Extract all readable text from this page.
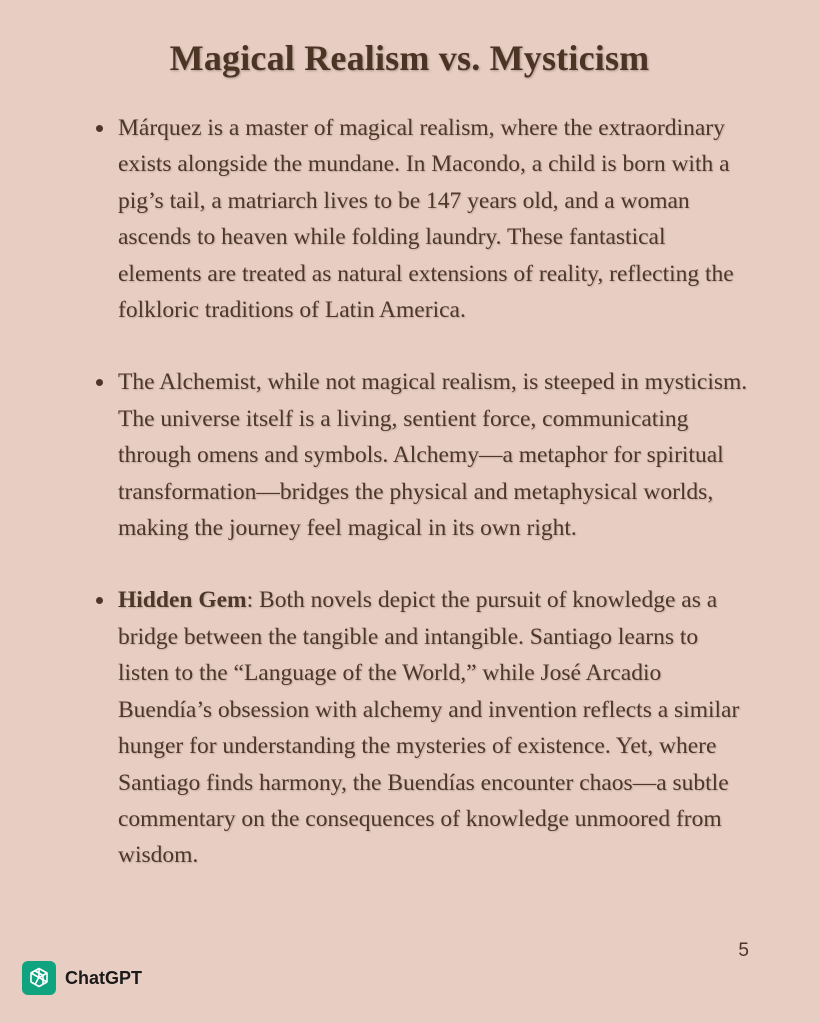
Magical Realism vs. Mysticism
Márquez is a master of magical realism, where the extraordinary exists alongside the mundane. In Macondo, a child is born with a pig’s tail, a matriarch lives to be 147 years old, and a woman ascends to heaven while folding laundry. These fantastical elements are treated as natural extensions of reality, reflecting the folkloric traditions of Latin America.
The Alchemist, while not magical realism, is steeped in mysticism. The universe itself is a living, sentient force, communicating through omens and symbols. Alchemy—a metaphor for spiritual transformation—bridges the physical and metaphysical worlds, making the journey feel magical in its own right.
Hidden Gem: Both novels depict the pursuit of knowledge as a bridge between the tangible and intangible. Santiago learns to listen to the “Language of the World,” while José Arcadio Buendía’s obsession with alchemy and invention reflects a similar hunger for understanding the mysteries of existence. Yet, where Santiago finds harmony, the Buendías encounter chaos—a subtle commentary on the consequences of knowledge unmoored from wisdom.
5
ChatGPT
